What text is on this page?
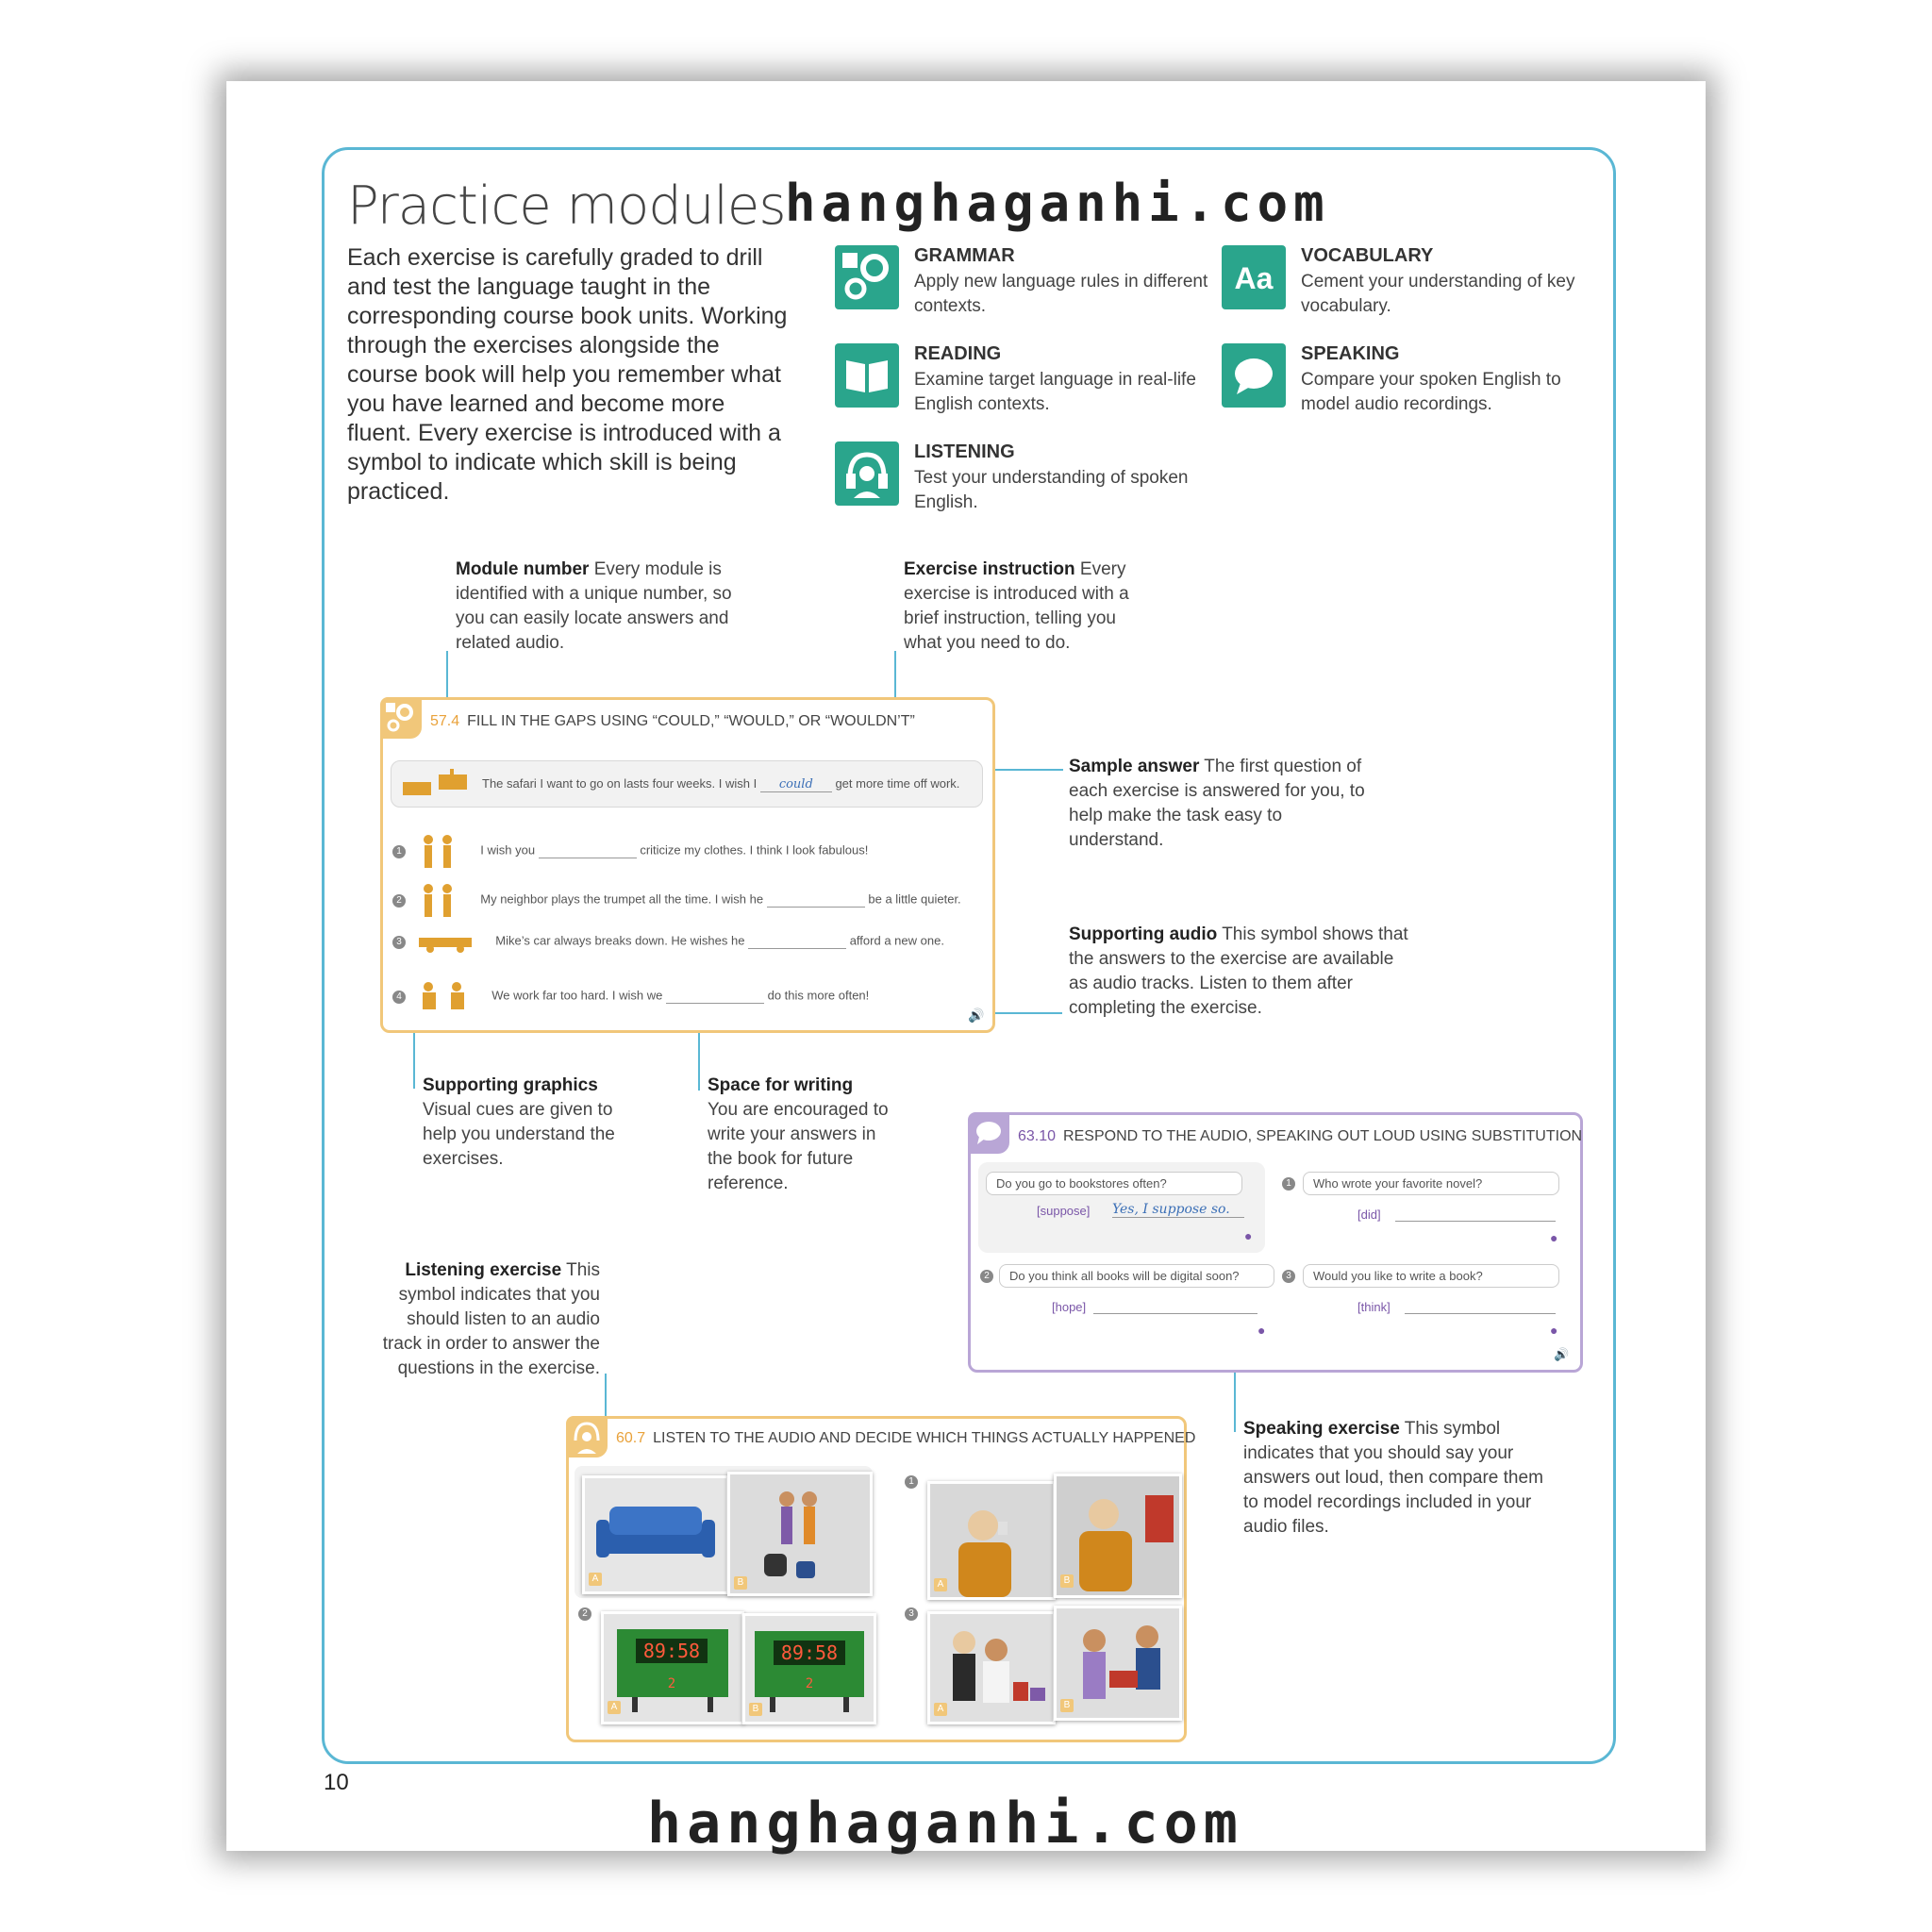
Practice modules hanghaganhi.com
Each exercise is carefully graded to drill and test the language taught in the corresponding course book units. Working through the exercises alongside the course book will help you remember what you have learned and become more fluent. Every exercise is introduced with a symbol to indicate which skill is being practiced.
GRAMMAR
Apply new language rules in different contexts.
Aa
VOCABULARY
Cement your understanding of key vocabulary.
READING
Examine target language in real-life English contexts.
SPEAKING
Compare your spoken English to model audio recordings.
LISTENING
Test your understanding of spoken English.
Module number Every module is identified with a unique number, so you can easily locate answers and related audio.
Exercise instruction Every exercise is introduced with a brief instruction, telling you what you need to do.
Sample answer The first question of each exercise is answered for you, to help make the task easy to understand.
Supporting audio This symbol shows that the answers to the exercise are available as audio tracks. Listen to them after completing the exercise.
Supporting graphics
Visual cues are given to help you understand the exercises.
Space for writing
You are encouraged to write your answers in the book for future reference.
Listening exercise This symbol indicates that you should listen to an audio track in order to answer the questions in the exercise.
Speaking exercise This symbol indicates that you should say your answers out loud, then compare them to model recordings included in your audio files.
57.4 FILL IN THE GAPS USING “COULD,” “WOULD,” OR “WOULDN’T”
The safari I want to go on lasts four weeks. I wish I could get more time off work.
1	I wish you	criticize my clothes. I think I look fabulous!
2	My neighbor plays the trumpet all the time. I wish he	be a little quieter.
3	Mike’s car always breaks down. He wishes he	afford a new one.
4	We work far too hard. I wish we	do this more often!
🔊
63.10 RESPOND TO THE AUDIO, SPEAKING OUT LOUD USING SUBSTITUTION
Do you go to bookstores often?
[suppose] Yes, I suppose so.
●
1	Who wrote your favorite novel?
[did]
●
2	Do you think all books will be digital soon?
[hope]
●
3	Would you like to write a book?
[think]
●
🔊
60.7 LISTEN TO THE AUDIO AND DECIDE WHICH THINGS ACTUALLY HAPPENED
A	B
1
A	B
2
89:58
2
A
89:58
2
B
3
A	B
10
hanghaganhi.com
